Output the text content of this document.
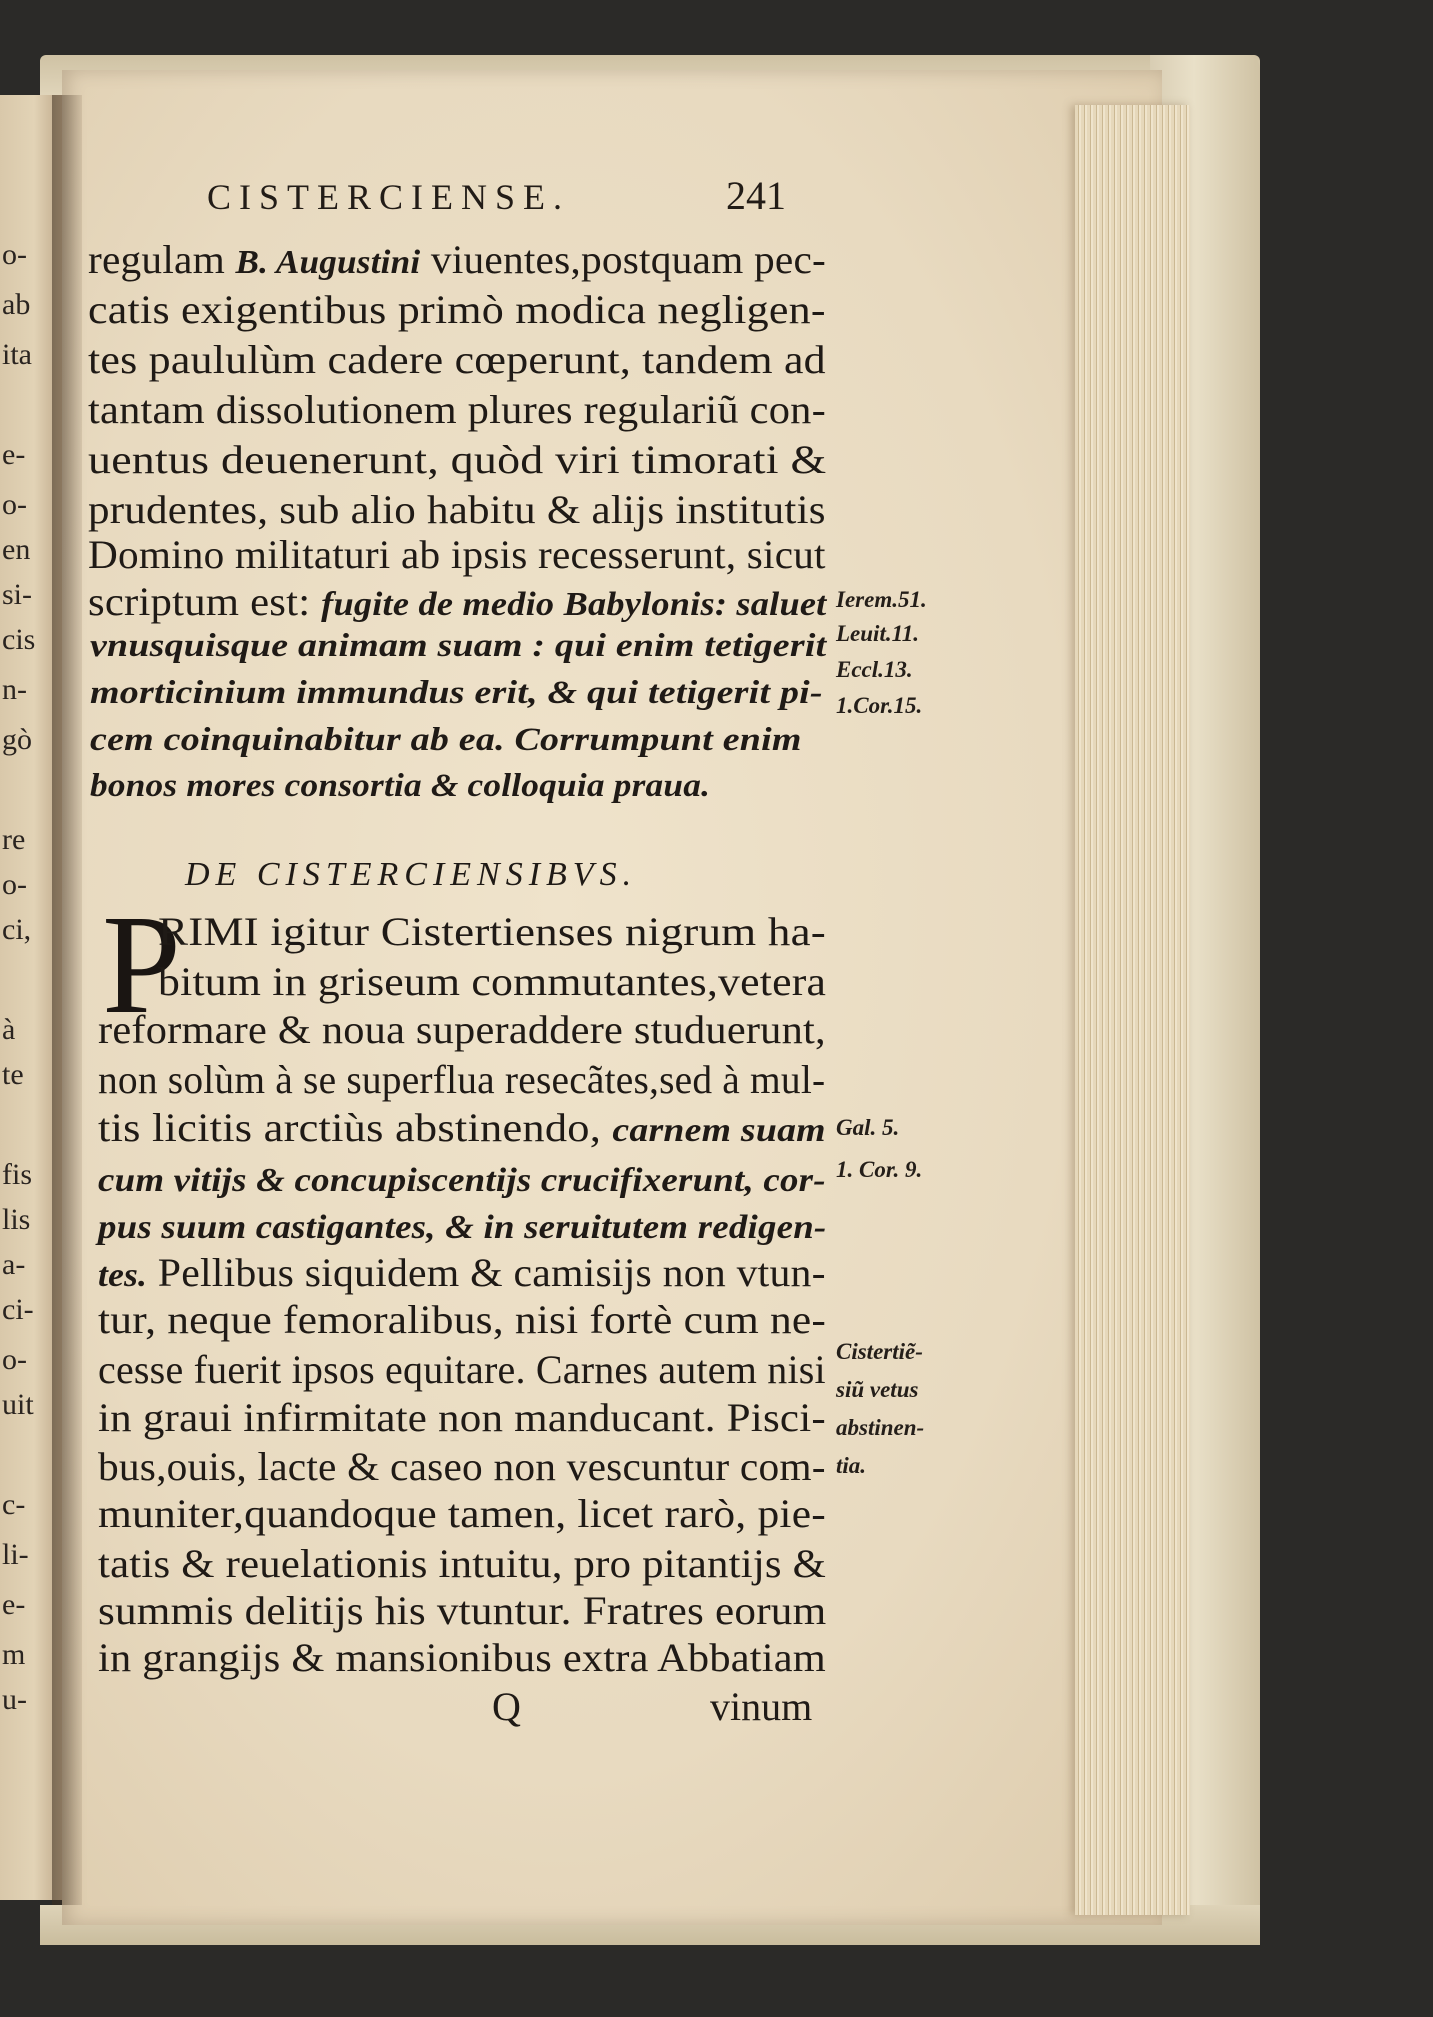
o-
ab
ita
e-
o-
en
si-
cis
n-
gò
re
o-
ci,
à
te
fis
lis
a-
ci-
o-
uit
c-
li-
e-
m
u-
CISTERCIENSE.	241
regulam B. Augustini viuentes,postquam pec-
catis exigentibus primò modica negligen-
tes paululùm cadere cœperunt, tandem ad
tantam dissolutionem plures regulariũ con-
uentus deuenerunt, quòd viri timorati &
prudentes, sub alio habitu & alijs institutis
Domino militaturi ab ipsis recesserunt, sicut
scriptum est: fugite de medio Babylonis: saluet
vnusquisque animam suam : qui enim tetigerit
morticinium immundus erit, & qui tetigerit pi-
cem coinquinabitur ab ea. Corrumpunt enim
bonos mores consortia & colloquia praua.
DE CISTERCIENSIBVS.
P
RIMI igitur Cistertienses nigrum ha-
bitum in griseum commutantes,vetera
reformare & noua superaddere studuerunt,
non solùm à se superflua resecãtes,sed à mul-
tis licitis arctiùs abstinendo, carnem suam
cum vitijs & concupiscentijs crucifixerunt, cor-
pus suum castigantes, & in seruitutem redigen-
tes. Pellibus siquidem & camisijs non vtun-
tur, neque femoralibus, nisi fortè cum ne-
cesse fuerit ipsos equitare. Carnes autem nisi
in graui infirmitate non manducant. Pisci-
bus,ouis, lacte & caseo non vescuntur com-
muniter,quandoque tamen, licet rarò, pie-
tatis & reuelationis intuitu, pro pitantijs &
summis delitijs his vtuntur. Fratres eorum
in grangijs & mansionibus extra Abbatiam
Ierem.51.
Leuit.11.
Eccl.13.
1.Cor.15.
Gal. 5.
1. Cor. 9.
Cistertiẽ-
siũ vetus
abstinen-
tia.
Q	vinum
